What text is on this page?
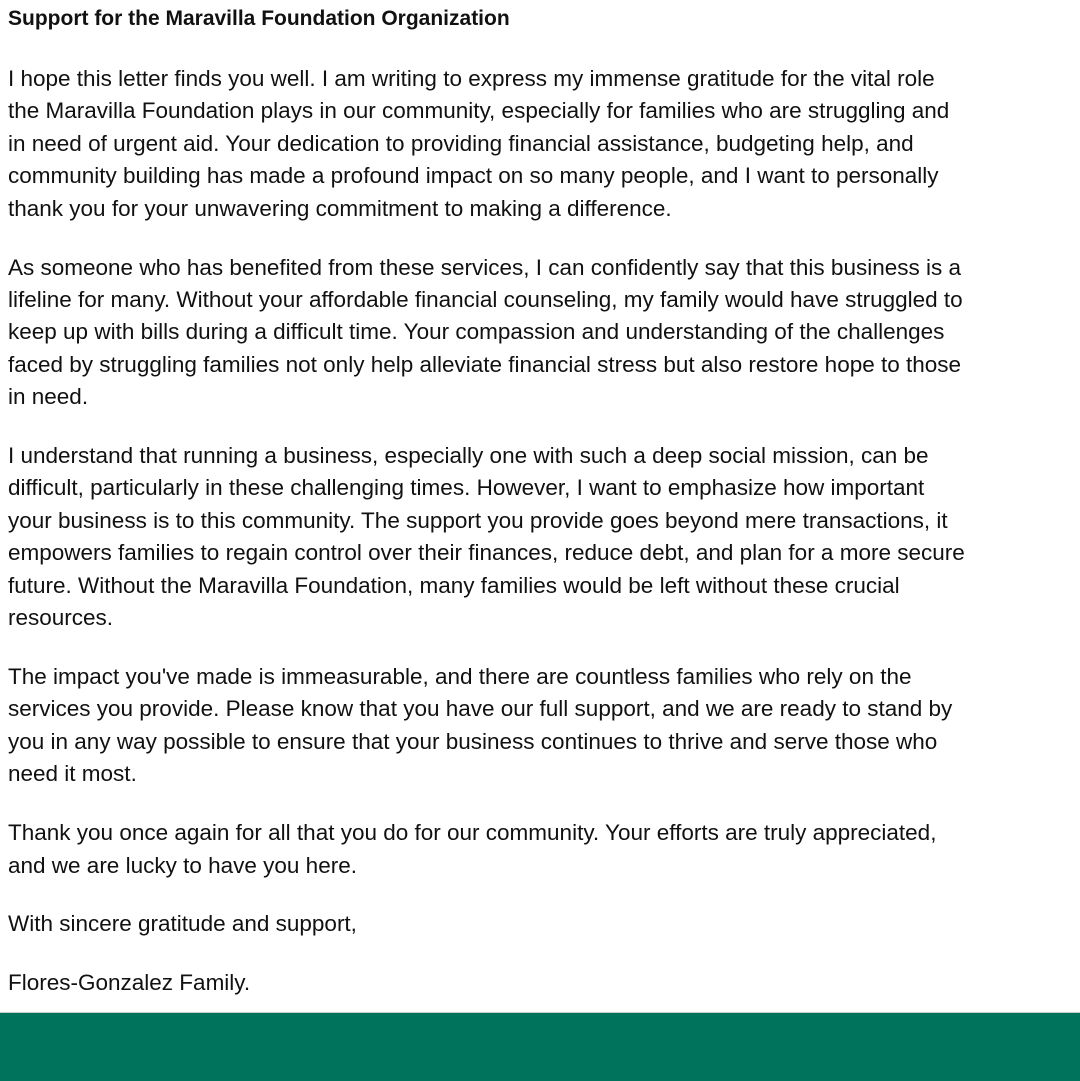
Support for the Maravilla Foundation Organization
I hope this letter finds you well. I am writing to express my immense gratitude for the vital role
the Maravilla Foundation plays in our community, especially for families who are struggling and
in need of urgent aid. Your dedication to providing financial assistance, budgeting help, and
community building has made a profound impact on so many people, and I want to personally
thank you for your unwavering commitment to making a difference.
As someone who has benefited from these services, I can confidently say that this business is a
lifeline for many. Without your affordable financial counseling, my family would have struggled to
keep up with bills during a difficult time. Your compassion and understanding of the challenges
faced by struggling families not only help alleviate financial stress but also restore hope to those
in need.
I understand that running a business, especially one with such a deep social mission, can be
difficult, particularly in these challenging times. However, I want to emphasize how important
your business is to this community. The support you provide goes beyond mere transactions, it
empowers families to regain control over their finances, reduce debt, and plan for a more secure
future. Without the Maravilla Foundation, many families would be left without these crucial
resources.
The impact you've made is immeasurable, and there are countless families who rely on the
services you provide. Please know that you have our full support, and we are ready to stand by
you in any way possible to ensure that your business continues to thrive and serve those who
need it most.
Thank you once again for all that you do for our community. Your efforts are truly appreciated,
and we are lucky to have you here.
With sincere gratitude and support,
Flores-Gonzalez Family.
